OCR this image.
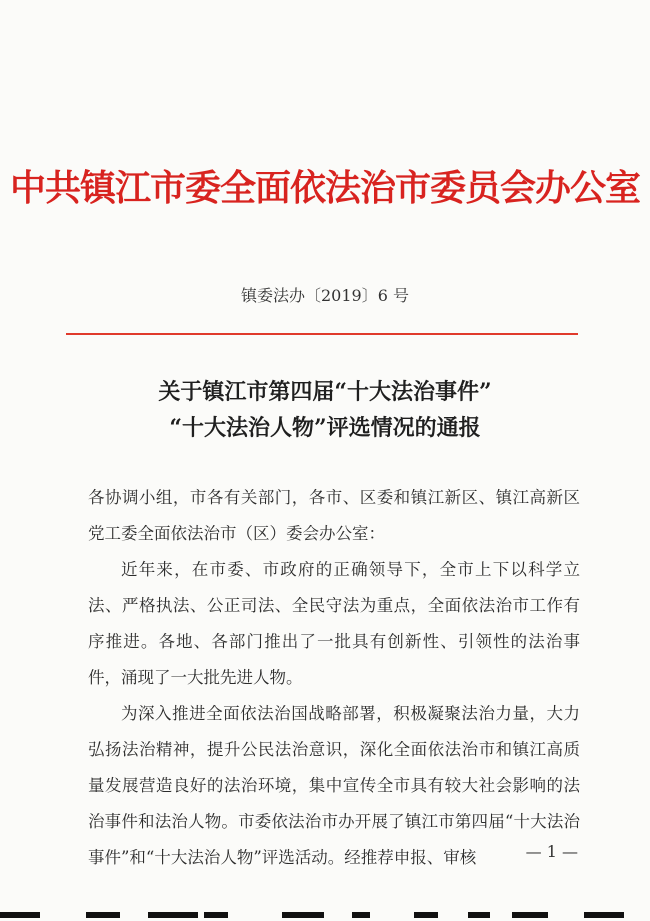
中共镇江市委全面依法治市委员会办公室
镇委法办〔2019〕6 号
关于镇江市第四届“十大法治事件”
“十大法治人物”评选情况的通报

各协调小组，市各有关部门，各市、区委和镇江新区、镇江高新区党工委全面依法治市（区）委会办公室：

近年来，在市委、市政府的正确领导下，全市上下以科学立法、严格执法、公正司法、全民守法为重点，全面依法治市工作有序推进。各地、各部门推出了一批具有创新性、引领性的法治事件，涌现了一大批先进人物。

为深入推进全面依法治国战略部署，积极凝聚法治力量，大力弘扬法治精神，提升公民法治意识，深化全面依法治市和镇江高质量发展营造良好的法治环境，集中宣传全市具有较大社会影响的法治事件和法治人物。市委依法治市办开展了镇江市第四届“十大法治事件”和“十大法治人物”评选活动。经推荐申报、审核	— 1 —
